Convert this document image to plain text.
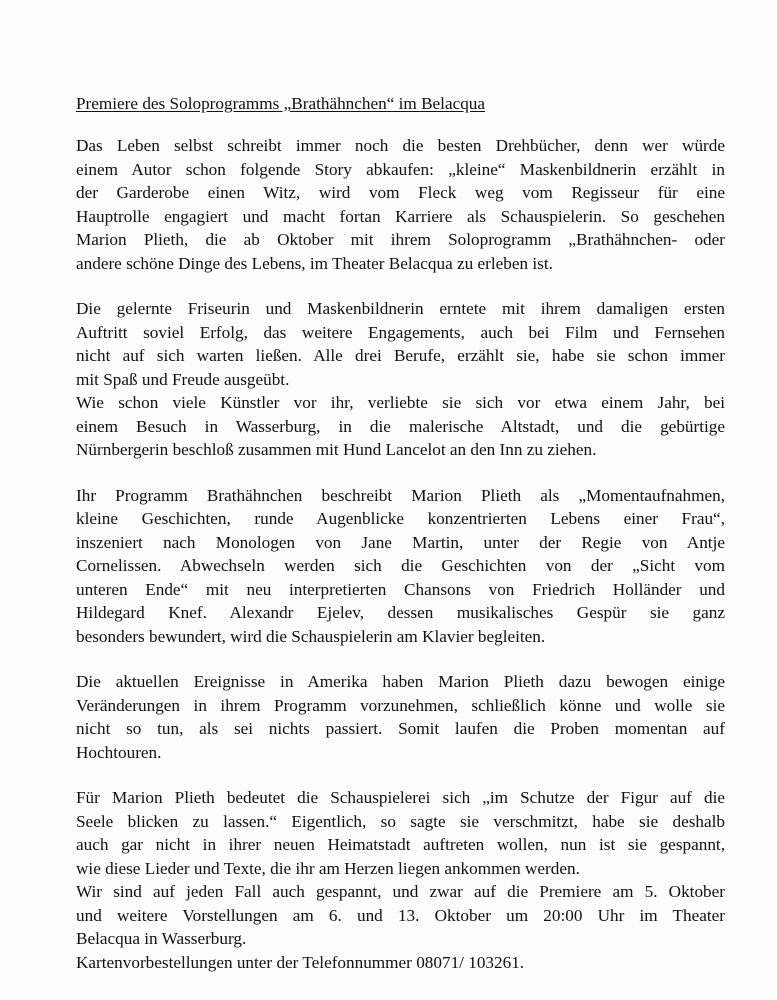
Premiere des Soloprogramms „Brathähnchen“ im Belacqua
Das Leben selbst schreibt immer noch die besten Drehbücher, denn wer würde
einem Autor schon folgende Story abkaufen: „kleine“ Maskenbildnerin erzählt in
der Garderobe einen Witz, wird vom Fleck weg vom Regisseur für eine
Hauptrolle engagiert und macht fortan Karriere als Schauspielerin. So geschehen
Marion Plieth, die ab Oktober mit ihrem Soloprogramm „Brathähnchen- oder
andere schöne Dinge des Lebens, im Theater Belacqua zu erleben ist.
Die gelernte Friseurin und Maskenbildnerin erntete mit ihrem damaligen ersten
Auftritt soviel Erfolg, das weitere Engagements, auch bei Film und Fernsehen
nicht auf sich warten ließen. Alle drei Berufe, erzählt sie, habe sie schon immer
mit Spaß und Freude ausgeübt.
Wie schon viele Künstler vor ihr, verliebte sie sich vor etwa einem Jahr, bei
einem Besuch in Wasserburg, in die malerische Altstadt, und die gebürtige
Nürnbergerin beschloß zusammen mit Hund Lancelot an den Inn zu ziehen.
Ihr Programm Brathähnchen beschreibt Marion Plieth als „Momentaufnahmen,
kleine Geschichten, runde Augenblicke konzentrierten Lebens einer Frau“,
inszeniert nach Monologen von Jane Martin, unter der Regie von Antje
Cornelissen. Abwechseln werden sich die Geschichten von der „Sicht vom
unteren Ende“ mit neu interpretierten Chansons von Friedrich Holländer und
Hildegard Knef. Alexandr Ejelev, dessen musikalisches Gespür sie ganz
besonders bewundert, wird die Schauspielerin am Klavier begleiten.
Die aktuellen Ereignisse in Amerika haben Marion Plieth dazu bewogen einige
Veränderungen in ihrem Programm vorzunehmen, schließlich könne und wolle sie
nicht so tun, als sei nichts passiert. Somit laufen die Proben momentan auf
Hochtouren.
Für Marion Plieth bedeutet die Schauspielerei sich „im Schutze der Figur auf die
Seele blicken zu lassen.“ Eigentlich, so sagte sie verschmitzt, habe sie deshalb
auch gar nicht in ihrer neuen Heimatstadt auftreten wollen, nun ist sie gespannt,
wie diese Lieder und Texte, die ihr am Herzen liegen ankommen werden.
Wir sind auf jeden Fall auch gespannt, und zwar auf die Premiere am 5. Oktober
und weitere Vorstellungen am 6. und 13. Oktober um 20:00 Uhr im Theater
Belacqua in Wasserburg.
Kartenvorbestellungen unter der Telefonnummer 08071/ 103261.
